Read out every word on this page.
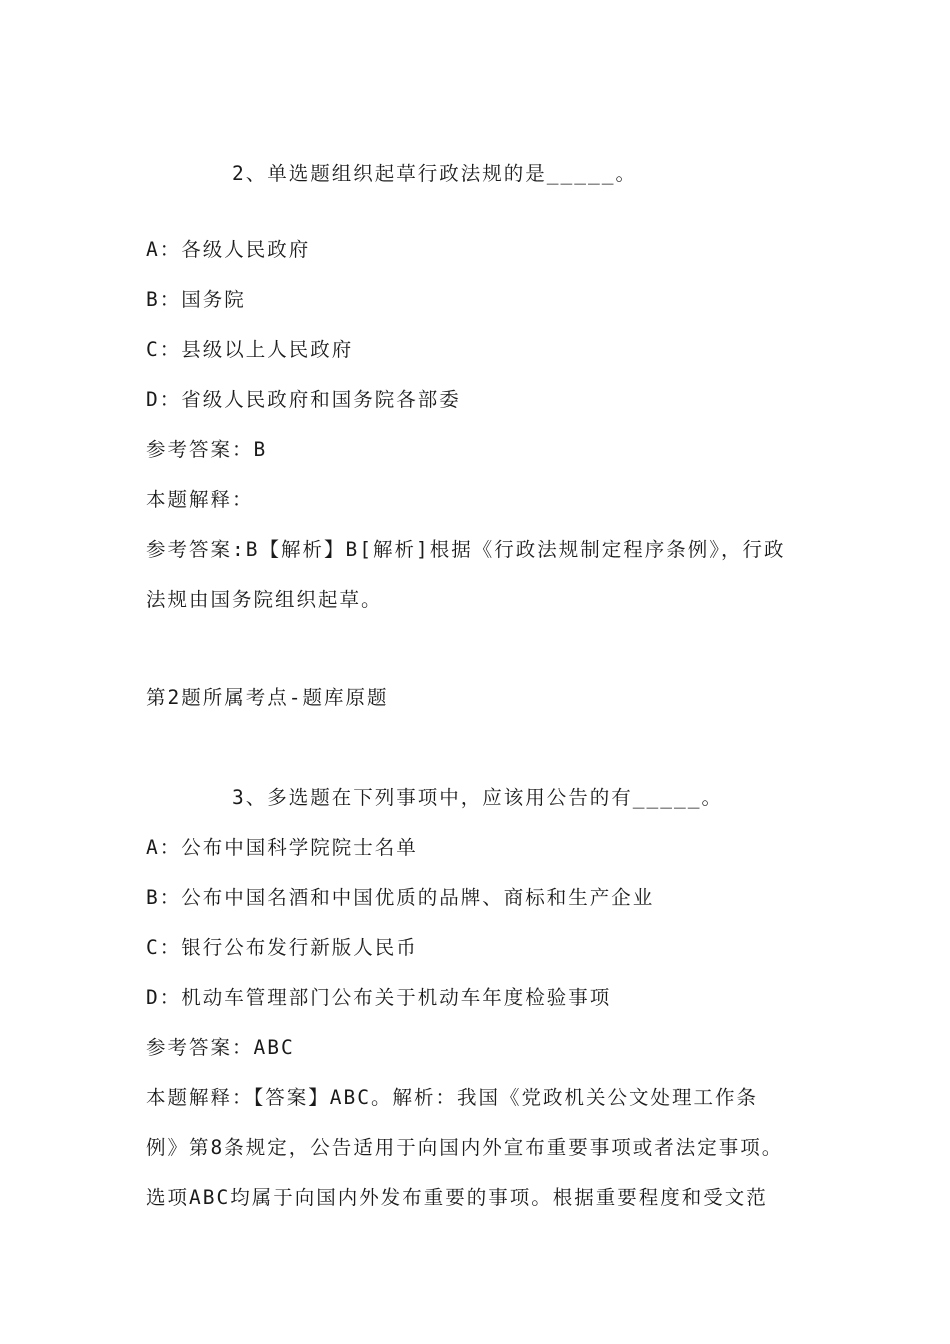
2、单选题组织起草行政法规的是_____。
A：各级人民政府
B：国务院
C：县级以上人民政府
D：省级人民政府和国务院各部委
参考答案：B
本题解释：
参考答案:B【解析】B[解析]根据《行政法规制定程序条例》，行政
法规由国务院组织起草。
第2题所属考点-题库原题
3、多选题在下列事项中，应该用公告的有_____。
A：公布中国科学院院士名单
B：公布中国名酒和中国优质的品牌、商标和生产企业
C：银行公布发行新版人民币
D：机动车管理部门公布关于机动车年度检验事项
参考答案：ABC
本题解释：【答案】ABC。解析：我国《党政机关公文处理工作条
例》第8条规定，公告适用于向国内外宣布重要事项或者法定事项。
选项ABC均属于向国内外发布重要的事项。根据重要程度和受文范
